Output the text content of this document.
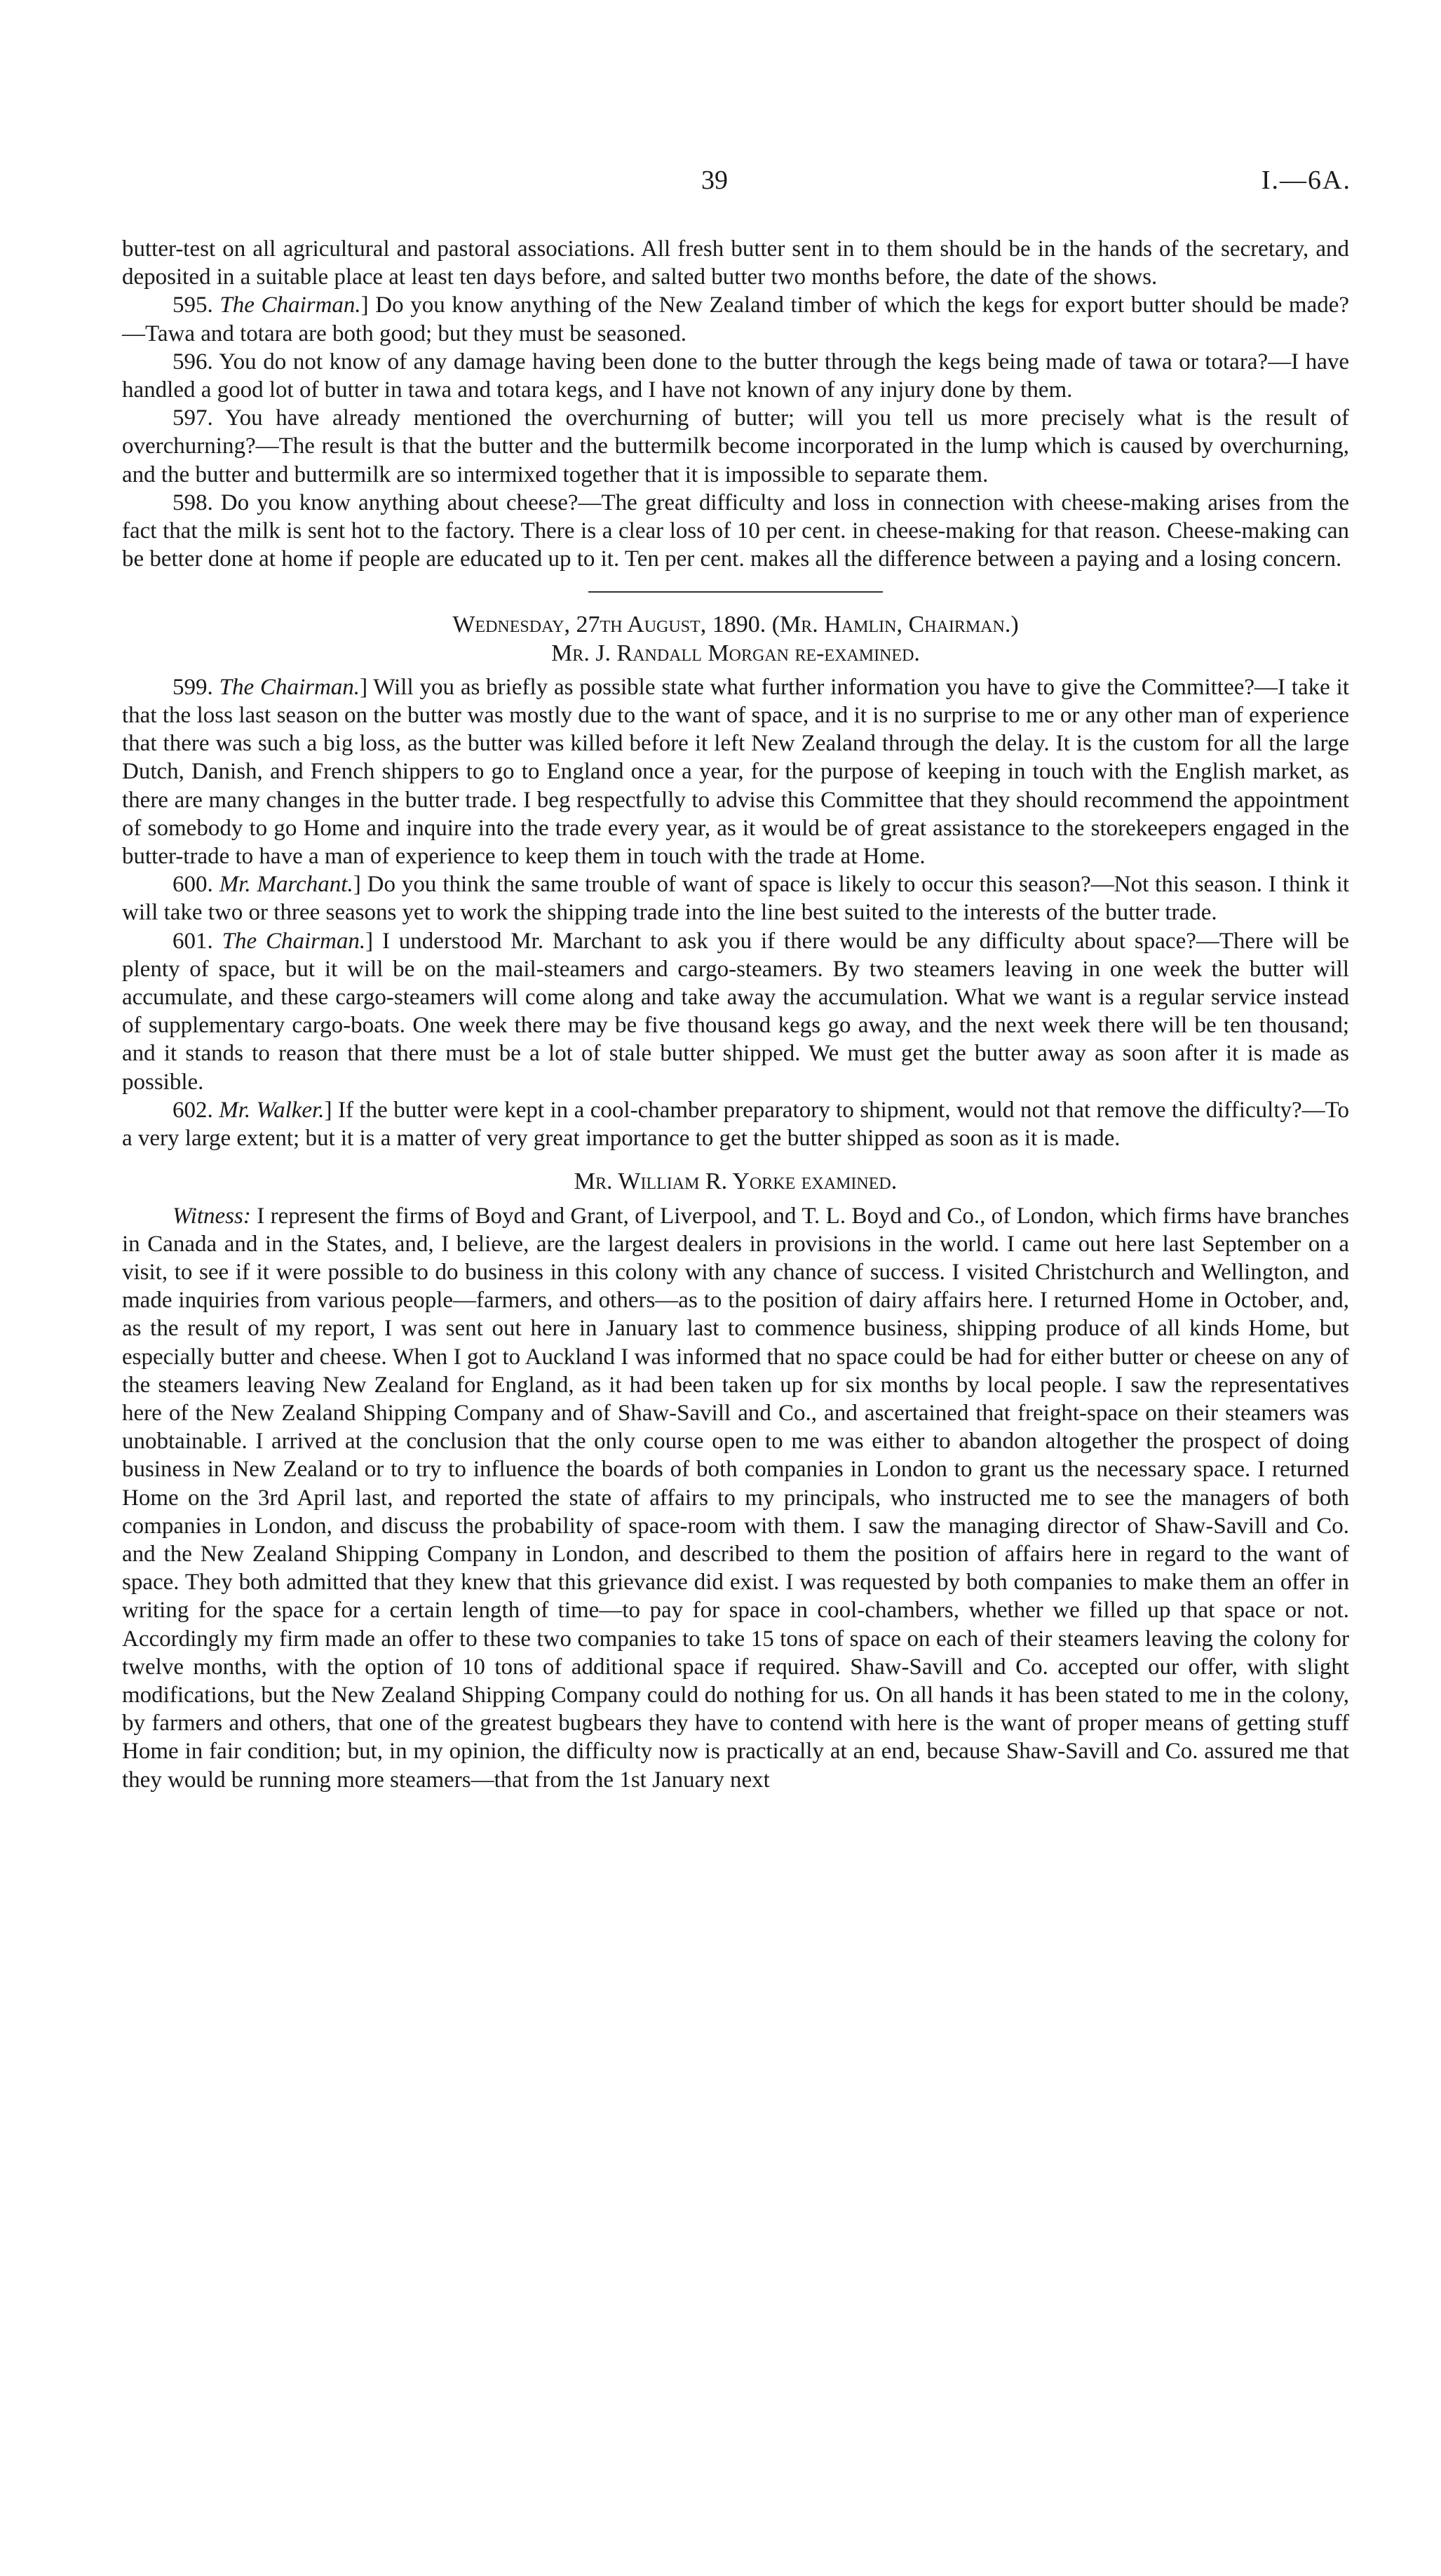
39	I.—6A.

butter-test on all agricultural and pastoral associations. All fresh butter sent in to them should be in the hands of the secretary, and deposited in a suitable place at least ten days before, and salted butter two months before, the date of the shows.

595. The Chairman.] Do you know anything of the New Zealand timber of which the kegs for export butter should be made?—Tawa and totara are both good; but they must be seasoned.

596. You do not know of any damage having been done to the butter through the kegs being made of tawa or totara?—I have handled a good lot of butter in tawa and totara kegs, and I have not known of any injury done by them.

597. You have already mentioned the overchurning of butter; will you tell us more precisely what is the result of overchurning?—The result is that the butter and the buttermilk become incorporated in the lump which is caused by overchurning, and the butter and buttermilk are so intermixed together that it is impossible to separate them.

598. Do you know anything about cheese?—The great difficulty and loss in connection with cheese-making arises from the fact that the milk is sent hot to the factory. There is a clear loss of 10 per cent. in cheese-making for that reason. Cheese-making can be better done at home if people are educated up to it. Ten per cent. makes all the difference between a paying and a losing concern.

Wednesday, 27th August, 1890. (Mr. Hamlin, Chairman.)

Mr. J. Randall Morgan re-examined.

599. The Chairman.] Will you as briefly as possible state what further information you have to give the Committee?—I take it that the loss last season on the butter was mostly due to the want of space, and it is no surprise to me or any other man of experience that there was such a big loss, as the butter was killed before it left New Zealand through the delay. It is the custom for all the large Dutch, Danish, and French shippers to go to England once a year, for the purpose of keeping in touch with the English market, as there are many changes in the butter trade. I beg respectfully to advise this Committee that they should recommend the appointment of somebody to go Home and inquire into the trade every year, as it would be of great assistance to the storekeepers engaged in the butter-trade to have a man of experience to keep them in touch with the trade at Home.

600. Mr. Marchant.] Do you think the same trouble of want of space is likely to occur this season?—Not this season. I think it will take two or three seasons yet to work the shipping trade into the line best suited to the interests of the butter trade.

601. The Chairman.] I understood Mr. Marchant to ask you if there would be any difficulty about space?—There will be plenty of space, but it will be on the mail-steamers and cargo-steamers. By two steamers leaving in one week the butter will accumulate, and these cargo-steamers will come along and take away the accumulation. What we want is a regular service instead of supplementary cargo-boats. One week there may be five thousand kegs go away, and the next week there will be ten thousand; and it stands to reason that there must be a lot of stale butter shipped. We must get the butter away as soon after it is made as possible.

602. Mr. Walker.] If the butter were kept in a cool-chamber preparatory to shipment, would not that remove the difficulty?—To a very large extent; but it is a matter of very great importance to get the butter shipped as soon as it is made.

Mr. William R. Yorke examined.

Witness: I represent the firms of Boyd and Grant, of Liverpool, and T. L. Boyd and Co., of London, which firms have branches in Canada and in the States, and, I believe, are the largest dealers in provisions in the world. I came out here last September on a visit, to see if it were possible to do business in this colony with any chance of success. I visited Christchurch and Wellington, and made inquiries from various people—farmers, and others—as to the position of dairy affairs here. I returned Home in October, and, as the result of my report, I was sent out here in January last to commence business, shipping produce of all kinds Home, but especially butter and cheese. When I got to Auckland I was informed that no space could be had for either butter or cheese on any of the steamers leaving New Zealand for England, as it had been taken up for six months by local people. I saw the representatives here of the New Zealand Shipping Company and of Shaw-Savill and Co., and ascertained that freight-space on their steamers was unobtainable. I arrived at the conclusion that the only course open to me was either to abandon altogether the prospect of doing business in New Zealand or to try to influence the boards of both companies in London to grant us the necessary space. I returned Home on the 3rd April last, and reported the state of affairs to my principals, who instructed me to see the managers of both companies in London, and discuss the probability of space-room with them. I saw the managing director of Shaw-Savill and Co. and the New Zealand Shipping Company in London, and described to them the position of affairs here in regard to the want of space. They both admitted that they knew that this grievance did exist. I was requested by both companies to make them an offer in writing for the space for a certain length of time—to pay for space in cool-chambers, whether we filled up that space or not. Accordingly my firm made an offer to these two companies to take 15 tons of space on each of their steamers leaving the colony for twelve months, with the option of 10 tons of additional space if required. Shaw-Savill and Co. accepted our offer, with slight modifications, but the New Zealand Shipping Company could do nothing for us. On all hands it has been stated to me in the colony, by farmers and others, that one of the greatest bugbears they have to contend with here is the want of proper means of getting stuff Home in fair condition; but, in my opinion, the difficulty now is practically at an end, because Shaw-Savill and Co. assured me that they would be running more steamers—that from the 1st January next
